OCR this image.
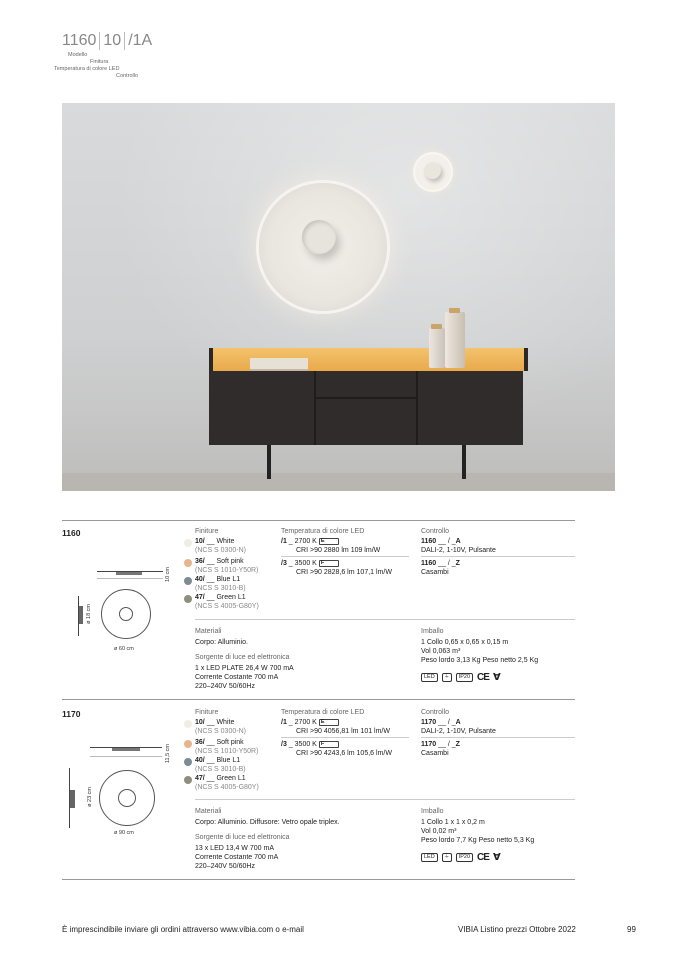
1160 10 /1A
Modello
Finitura
Temperatura di colore LED
Controllo
1160
10 cm
ø 18 cm
ø 60 cm
Finiture
10/ __ White
(NCS S 0300-N)
36/ __ Soft pink
(NCS S 1010-Y50R)
40/ __ Blue L1
(NCS S 3010-B)
47/ __ Green L1
(NCS S 4005-G80Y)
Temperatura di colore LED
/1 _ 2700 K E
CRI >90 2880 lm 109 lm/W
/3 _ 3500 K F
CRI >90 2828,6 lm 107,1 lm/W
Controllo
1160 __ / _A
DALI-2, 1-10V, Pulsante
1160 __ / _Z
Casambi
Materiali
Corpo: Alluminio.
Sorgente di luce ed elettronica
1 x LED PLATE 26,4 W 700 mA
Corrente Costante 700 mA
220–240V 50/60Hz
Imballo
1 Collo 0,65 x 0,65 x 0,15 m
Vol 0,063 m³
Peso lordo 3,13 Kg Peso netto 2,5 Kg
LED	⏚	IP20 CE Ɐ
1170
11,5 cm
ø 23 cm
ø 90 cm
Finiture
10/ __ White
(NCS S 0300-N)
36/ __ Soft pink
(NCS S 1010-Y50R)
40/ __ Blue L1
(NCS S 3010-B)
47/ __ Green L1
(NCS S 4005-G80Y)
Temperatura di colore LED
/1 _ 2700 K E
CRI >90 4056,81 lm 101 lm/W
/3 _ 3500 K F
CRI >90 4243,6 lm 105,6 lm/W
Controllo
1170 __ / _A
DALI-2, 1-10V, Pulsante
1170 __ / _Z
Casambi
Materiali
Corpo: Alluminio. Diffusore: Vetro opale triplex.
Sorgente di luce ed elettronica
13 x LED 13,4 W 700 mA
Corrente Costante 700 mA
220–240V 50/60Hz
Imballo
1 Collo 1 x 1 x 0,2 m
Vol 0,02 m³
Peso lordo 7,7 Kg Peso netto 5,3 Kg
LED	⏚	IP20 CE Ɐ
È imprescindibile inviare gli ordini attraverso www.vibia.com o e-mail	VIBIA Listino prezzi Ottobre 2022	99
